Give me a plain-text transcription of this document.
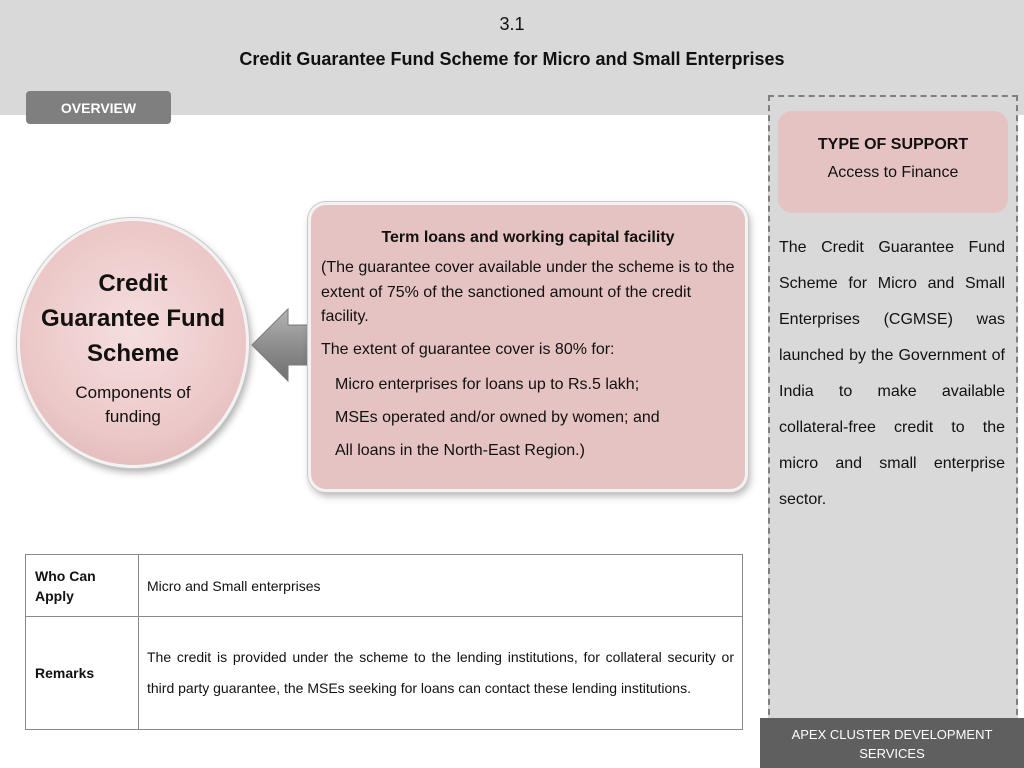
3.1
Credit Guarantee Fund Scheme for Micro and Small Enterprises
OVERVIEW
TYPE OF SUPPORT
Access to Finance
The Credit Guarantee Fund Scheme for Micro and Small Enterprises (CGMSE) was launched by the Government of India to make available collateral-free credit to the micro and small enterprise sector.
Credit Guarantee Fund Scheme
Components of funding
Term loans and working capital facility
(The guarantee cover available under the scheme is to the extent of 75% of the sanctioned amount of the credit facility.
The extent of guarantee cover is 80% for:
Micro enterprises for loans up to Rs.5 lakh;
MSEs operated and/or owned by women; and
All loans in the North-East Region.)
Who Can Apply	Micro and Small enterprises
Remarks	The credit is provided under the scheme to the lending institutions, for collateral security or third party guarantee, the MSEs seeking for loans can contact these lending institutions.
APEX CLUSTER DEVELOPMENT SERVICES
